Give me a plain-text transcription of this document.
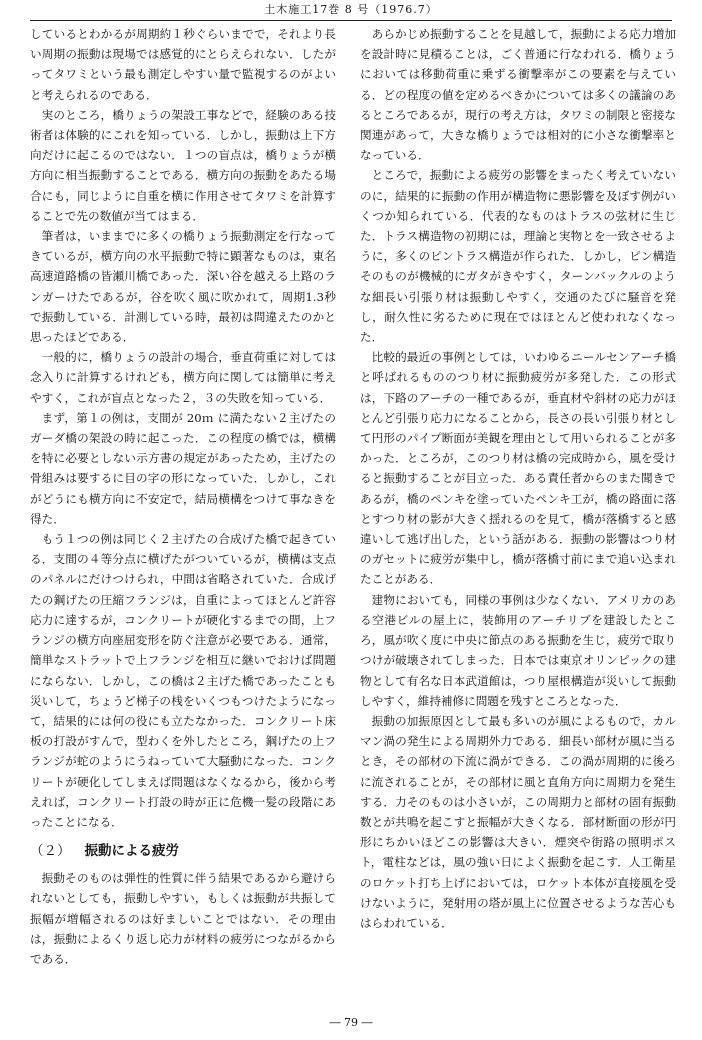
土木施工17巻 8 号（1976.7）

しているとわかるが周期約１秒ぐらいまでで，それより長い周期の振動は現場では感覚的にとらえられない．したがってタワミという最も測定しやすい量で監視するのがよいと考えられるのである．

実のところ，橋りょうの架設工事などで，経験のある技術者は体験的にこれを知っている．しかし，振動は上下方向だけに起こるのではない．１つの盲点は，橋りょうが横方向に相当振動することである．横方向の振動をあたる場合にも，同じように自重を横に作用させてタワミを計算することで先の数値が当てはまる．

筆者は，いままでに多くの橋りょう振動測定を行なってきているが，横方向の水平振動で特に顕著なものは，東名高速道路橋の皆瀬川橋であった．深い谷を越える上路のランガーけたであるが，谷を吹く風に吹かれて，周期1.3秒で振動している．計測している時，最初は問違えたのかと思ったほどである．

一般的に，橋りょうの設計の場合，垂直荷重に対しては念入りに計算するけれども，横方向に関しては簡単に考えやすく，これが盲点となった２，３の失敗を知っている．

まず，第１の例は，支間が 20ｍ に満たない２主げたのガーダ橋の架設の時に起こった．この程度の橋では，横構を特に必要としない示方書の規定があったため，主げたの骨組みは要するに目の字の形になっていた．しかし，これがどうにも横方向に不安定で，結局横構をつけて事なきを得た．

もう１つの例は同じく２主げたの合成げた橋で起きている．支間の４等分点に横げたがついているが，横構は支点のパネルにだけつけられ，中間は省略されていた．合成げたの鋼げたの圧縮フランジは，自重によってほとんど許容応力に達するが，コンクリートが硬化するまでの間，上フランジの横方向座屈変形を防ぐ注意が必要である．通常，簡単なストラットで上フランジを相互に継いでおけば問題にならない．しかし，この橋は２主げた橋であったことも災いして，ちょうど梯子の桟をいくつもつけたようになって，結果的には何の役にも立たなかった．コンクリート床板の打設がすんで，型わくを外したところ，鋼げたの上フランジが蛇のようにうねっていて大騒動になった．コンクリートが硬化してしまえば問題はなくなるから，後から考えれば，コンクリート打設の時が正に危機一髪の段階にあったことになる．

（２） 振動による疲労

振動そのものは弾性的性質に伴う結果であるから避けられないとしても，振動しやすい，もしくは振動が共振して振幅が増幅されるのは好ましいことではない．その理由は，振動によるくり返し応力が材料の疲労につながるからである．

あらかじめ振動することを見越して，振動による応力増加を設計時に見積ることは，ごく普通に行なわれる．橋りょうにおいては移動荷重に乗ずる衝撃率がこの要素を与えている．どの程度の値を定めるべきかについては多くの議論のあるところであるが，現行の考え方は，タワミの制限と密接な関連があって，大きな橋りょうでは相対的に小さな衝撃率となっている．

ところで，振動による疲労の影響をまったく考えていないのに，結果的に振動の作用が構造物に悪影響を及ぼす例がいくつか知られている．代表的なものはトラスの弦材に生じた．トラス構造物の初期には，理論と実物とを一致させるように，多くのピントラス構造が作られた．しかし，ピン構造そのものが機械的にガタがきやすく，ターンバックルのような細長い引張り材は振動しやすく，交通のたびに騒音を発し，耐久性に劣るために現在ではほとんど使われなくなった．

比較的最近の事例としては，いわゆるニールセンアーチ橋と呼ばれるもののつり材に振動疲労が多発した．この形式は，下路のアーチの一種であるが，垂直材や斜材の応力がほとんど引張り応力になることから，長さの長い引張り材として円形のパイプ断面が美観を理由として用いられることが多かった．ところが，このつり材は橋の完成時から，風を受けると振動することが目立った．ある責任者からのまた聞きであるが，橋のペンキを塗っていたペンキ工が，橋の路面に落とすつり材の影が大きく揺れるのを見て，橋が落橋すると感違いして逃げ出した，という話がある．振動の影響はつり材のガセットに疲労が集中し，橋が落橋寸前にまで追い込まれたことがある．

建物においても，同様の事例は少なくない．アメリカのある空港ビルの屋上に，装飾用のアーチリブを建設したところ，風が吹く度に中央に節点のある振動を生じ，疲労で取りつけが破壊されてしまった．日本では東京オリンピックの建物として有名な日本武道館は，つり屋根構造が災いして振動しやすく，維持補修に問題を残すところとなった．

振動の加振原因として最も多いのが風によるもので，カルマン渦の発生による周期外力である．細長い部材が風に当るとき，その部材の下流に渦ができる．この渦が周期的に後ろに流されることが，その部材に風と直角方向に周期力を発生する．力そのものは小さいが，この周期力と部材の固有振動数とが共鳴を起こすと振幅が大きくなる．部材断面の形が円形にちかいほどこの影響は大きい．煙突や街路の照明ポスト，電柱などは，風の強い日によく振動を起こす．人工衛星のロケット打ち上げにおいては，ロケット本体が直接風を受けないように，発射用の塔が風上に位置させるような苦心もはらわれている．

― 79 ―
